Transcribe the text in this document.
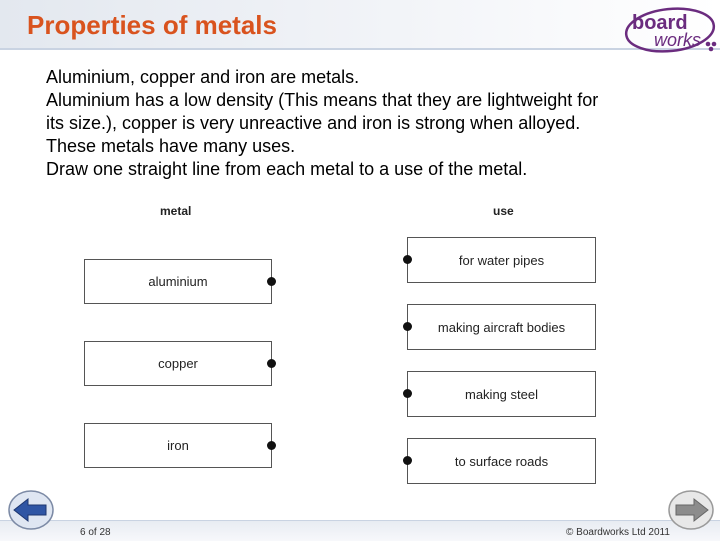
Properties of metals	board
works
Aluminium, copper and iron are metals.
Aluminium has a low density (This means that they are lightweight for
its size.), copper is very unreactive and iron is strong when alloyed.
These metals have many uses.
Draw one straight line from each metal to a use of the metal.
metal	use
aluminium
copper
iron
for water pipes
making aircraft bodies
making steel
to surface roads
6 of 28	© Boardworks Ltd 2011
